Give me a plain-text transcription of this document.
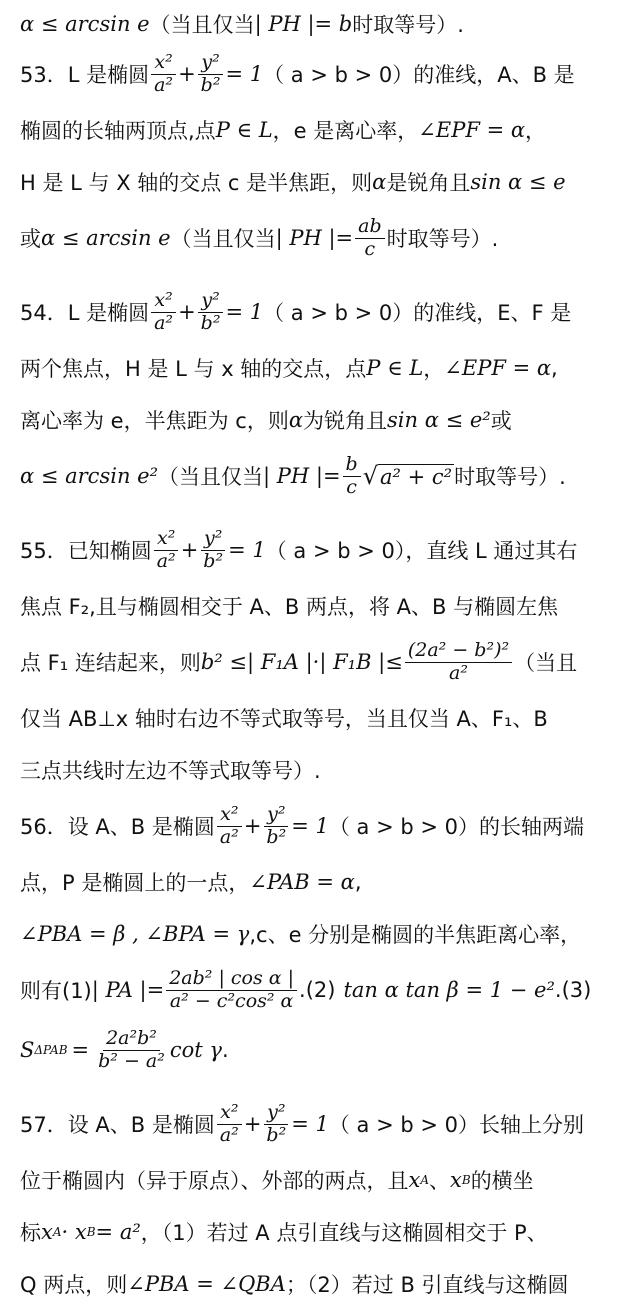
α ≤ arcsin e （当且仅当 | PH |= b 时取等号）.
53．L 是椭圆 $\frac{\text{x²}}{\text{a²}} + \frac{\text{y²}}{\text{b²}} = 1$ （ a > b > 0）的准线，A、B 是
椭圆的长轴两顶点,点 P ∈ L ，e 是离心率， ∠EPF = α ，
H 是 L 与 X 轴的交点 c 是半焦距，则 α 是锐角且 sin α ≤ e
或 α ≤ arcsin e （当且仅当 | PH |= $\frac{ab}{c}$ 时取等号）.
54．L 是椭圆 $\frac{\text{x²}}{\text{a²}} + \frac{\text{y²}}{\text{b²}} = 1$ （ a > b > 0）的准线，E、F 是
两个焦点，H 是 L 与 x 轴的交点，点 P ∈ L ， ∠EPF = α ,
离心率为 e，半焦距为 c，则 α 为锐角且 sin α ≤ e² 或
α ≤ arcsin e² （当且仅当 | PH |= $\frac{b}{c} √a^2 + c^2$ 时取等号）.
55．已知椭圆 $\frac{\text{x²}}{\text{a²}} + \frac{\text{y²}}{\text{b²}} = 1$ （ a > b > 0），直线 L 通过其右
焦点 F₂,且与椭圆相交于 A、B 两点，将 A、B 与椭圆左焦
点 F₁ 连结起来，则 b² ≤| F₁A |·| F₁B |≤ $\frac{\text{(2a² − b²)²}}{\text{a²}}$ （当且
仅当 AB⊥x 轴时右边不等式取等号，当且仅当 A、F₁、B
三点共线时左边不等式取等号）.
56．设 A、B 是椭圆 $\frac{\text{x²}}{\text{a²}} + \frac{\text{y²}}{\text{b²}} = 1$ （ a > b > 0）的长轴两端
点，P 是椭圆上的一点， ∠PAB = α ,
∠PBA = β , ∠BPA = γ ,c、e 分别是椭圆的半焦距离心率，
则有(1) | PA |= $\frac{\text{2ab² | cos α |}}{\text{a² − c²cos² α}} .(2)$ tan α tan β = 1 − e² .(3)
S $\Delta PAB = \frac{\text{2a²b²}}{\text{b² − a²}}$ cot γ .
57．设 A、B 是椭圆 $\frac{\text{x²}}{\text{a²}} + \frac{\text{y²}}{\text{b²}} = 1$ （ a > b > 0）长轴上分别
位于椭圆内（异于原点）、外部的两点，且 x A 、 x B 的横坐
标 x A · x B = a² ，（1）若过 A 点引直线与这椭圆相交于 P、
Q 两点，则 ∠PBA = ∠QBA ；（2）若过 B 引直线与这椭圆
